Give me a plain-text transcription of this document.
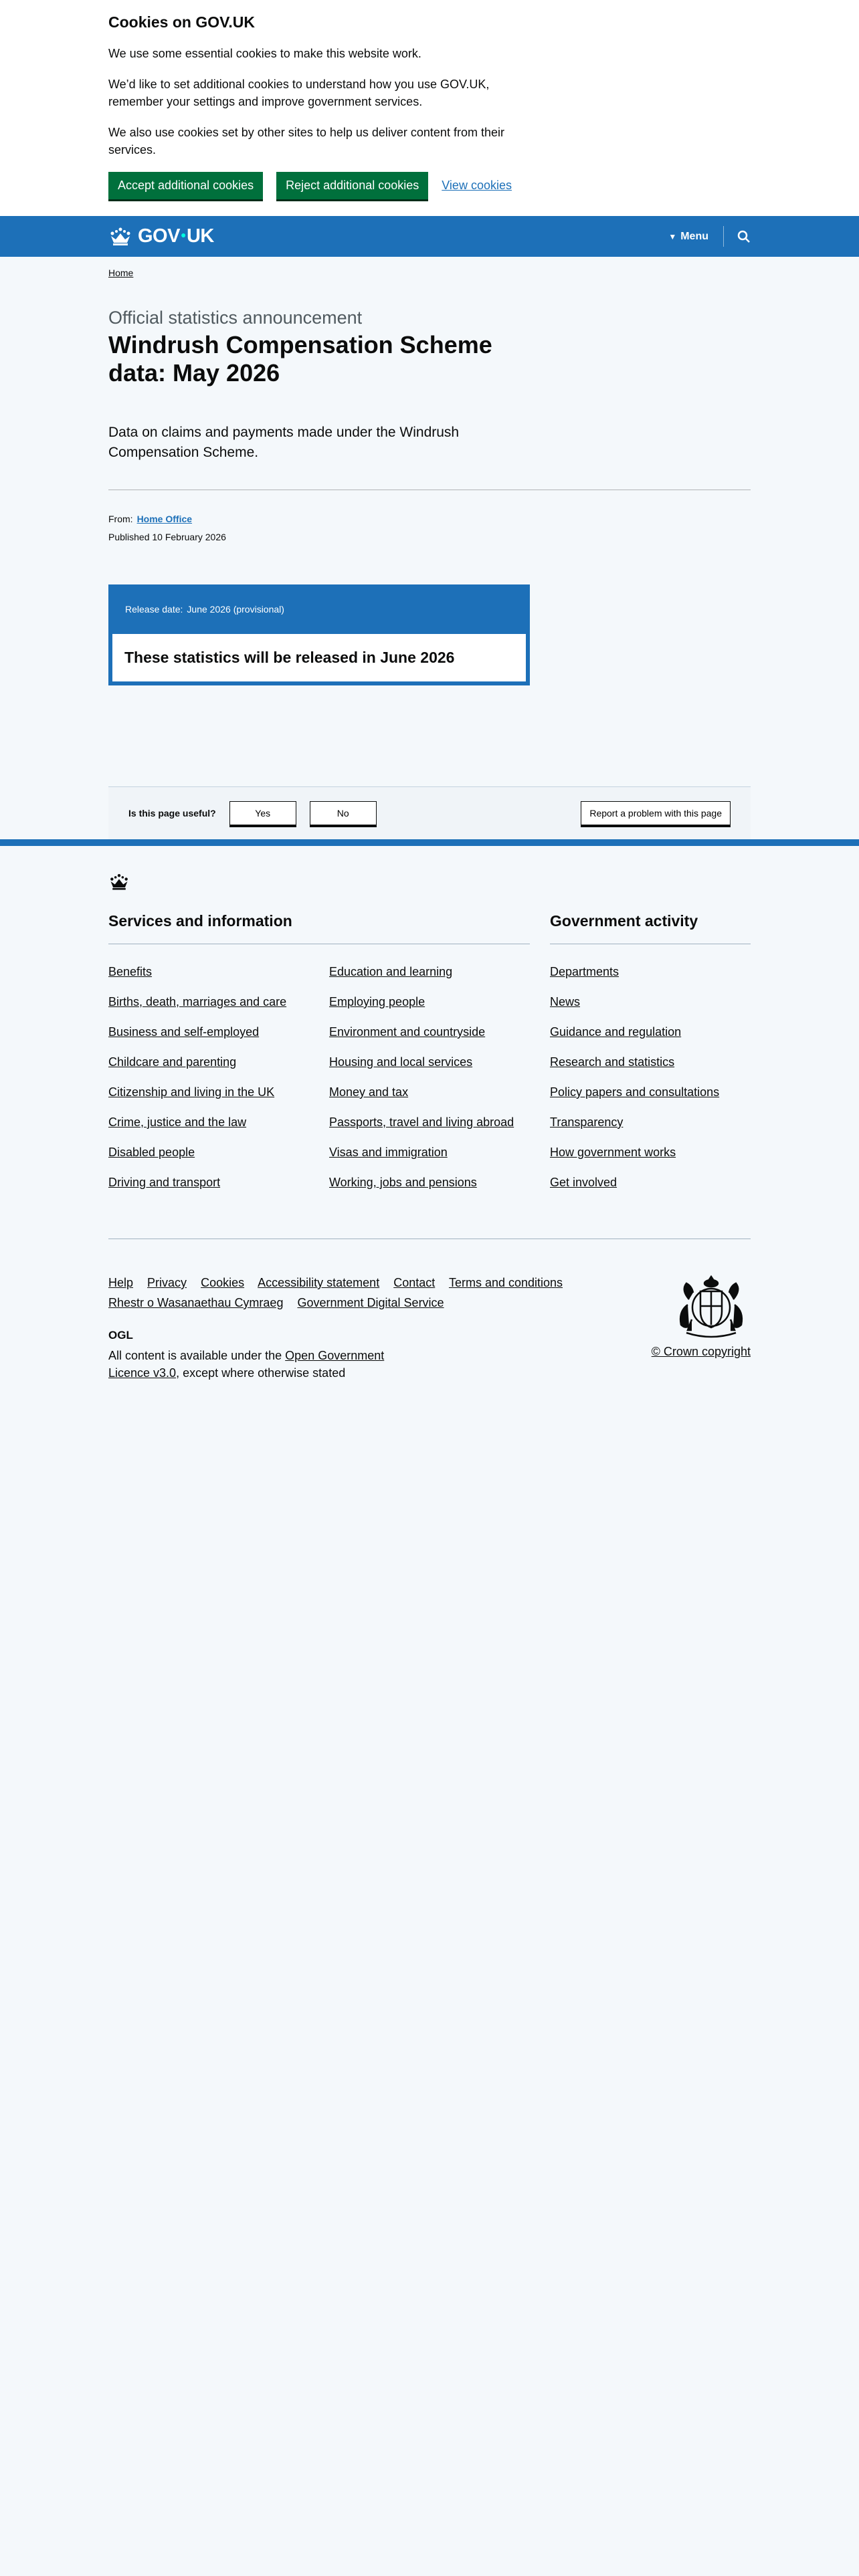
Cookies on GOV.UK

We use some essential cookies to make this website work.

We’d like to set additional cookies to understand how you use GOV.UK, remember your settings and improve government services.

We also use cookies set by other sites to help us deliver content from their services.

Accept additional cookies	Reject additional cookies	View cookies
GOV ● UK	▼ Menu
Home
Official statistics announcement
Windrush Compensation Scheme data: May 2026

Data on claims and payments made under the Windrush Compensation Scheme.

From: Home Office
Published 10 February 2026
Release date: June 2026 (provisional)
These statistics will be released in June 2026
Is this page useful?	Yes	No	Report a problem with this page
Services and information
Benefits	Education and learning
Births, death, marriages and care	Employing people
Business and self-employed	Environment and countryside
Childcare and parenting	Housing and local services
Citizenship and living in the UK	Money and tax
Crime, justice and the law	Passports, travel and living abroad
Disabled people	Visas and immigration
Driving and transport	Working, jobs and pensions
Government activity
Departments
News
Guidance and regulation
Research and statistics
Policy papers and consultations
Transparency
How government works
Get involved
Help Privacy Cookies Accessibility statement Contact Terms and conditions
Rhestr o Wasanaethau Cymraeg Government Digital Service
OGL
All content is available under the Open Government Licence v3.0, except where otherwise stated
© Crown copyright
